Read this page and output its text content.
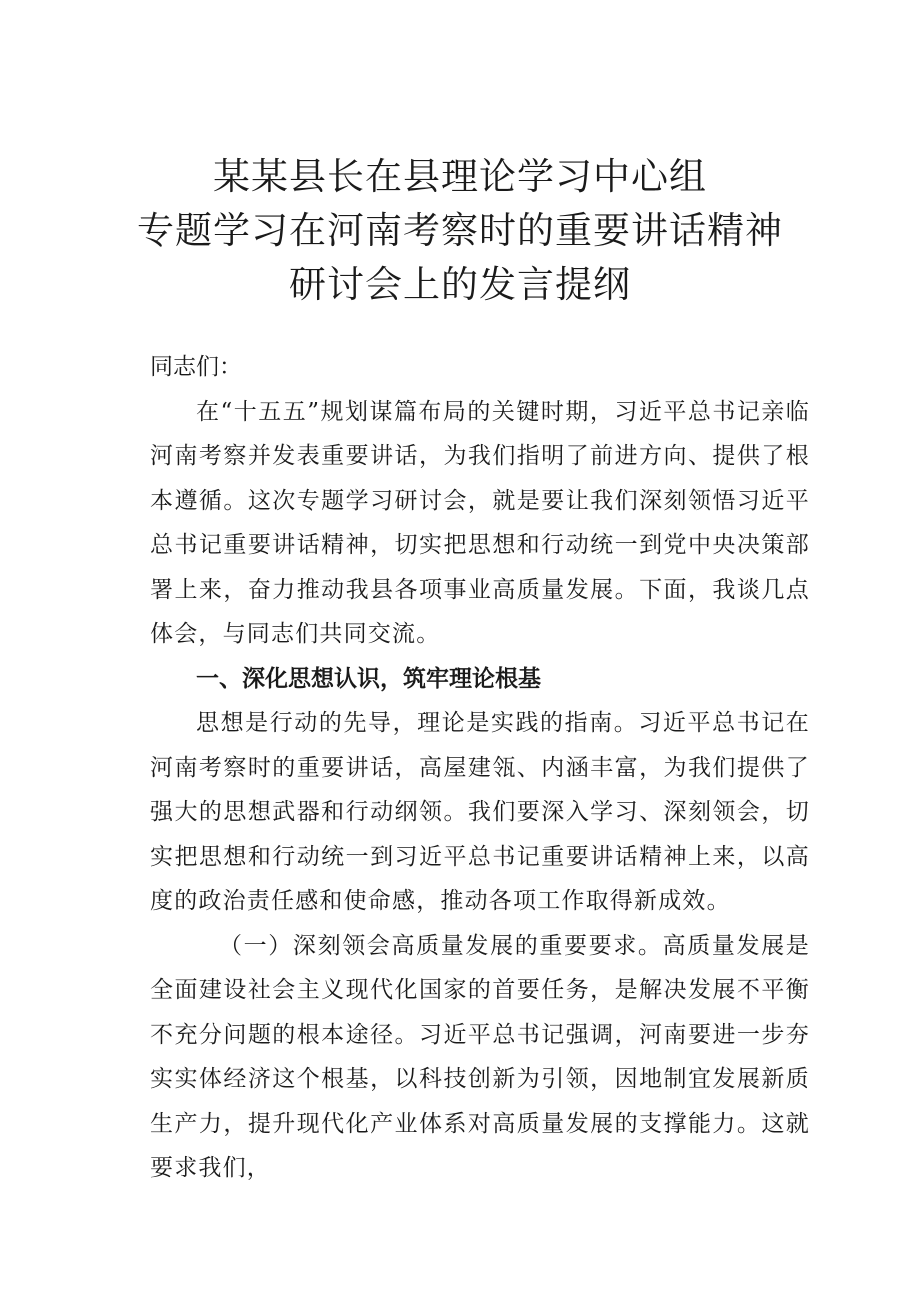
某某县长在县理论学习中心组
专题学习在河南考察时的重要讲话精神
研讨会上的发言提纲

同志们：

在“十五五”规划谋篇布局的关键时期，习近平总书记亲临河南考察并发表重要讲话，为我们指明了前进方向、提供了根本遵循。这次专题学习研讨会，就是要让我们深刻领悟习近平总书记重要讲话精神，切实把思想和行动统一到党中央决策部署上来，奋力推动我县各项事业高质量发展。下面，我谈几点体会，与同志们共同交流。

一、深化思想认识，筑牢理论根基

思想是行动的先导，理论是实践的指南。习近平总书记在河南考察时的重要讲话，高屋建瓴、内涵丰富，为我们提供了强大的思想武器和行动纲领。我们要深入学习、深刻领会，切实把思想和行动统一到习近平总书记重要讲话精神上来，以高度的政治责任感和使命感，推动各项工作取得新成效。

（一）深刻领会高质量发展的重要要求。高质量发展是全面建设社会主义现代化国家的首要任务，是解决发展不平衡不充分问题的根本途径。习近平总书记强调，河南要进一步夯实实体经济这个根基，以科技创新为引领，因地制宜发展新质生产力，提升现代化产业体系对高质量发展的支撑能力。这就要求我们，
